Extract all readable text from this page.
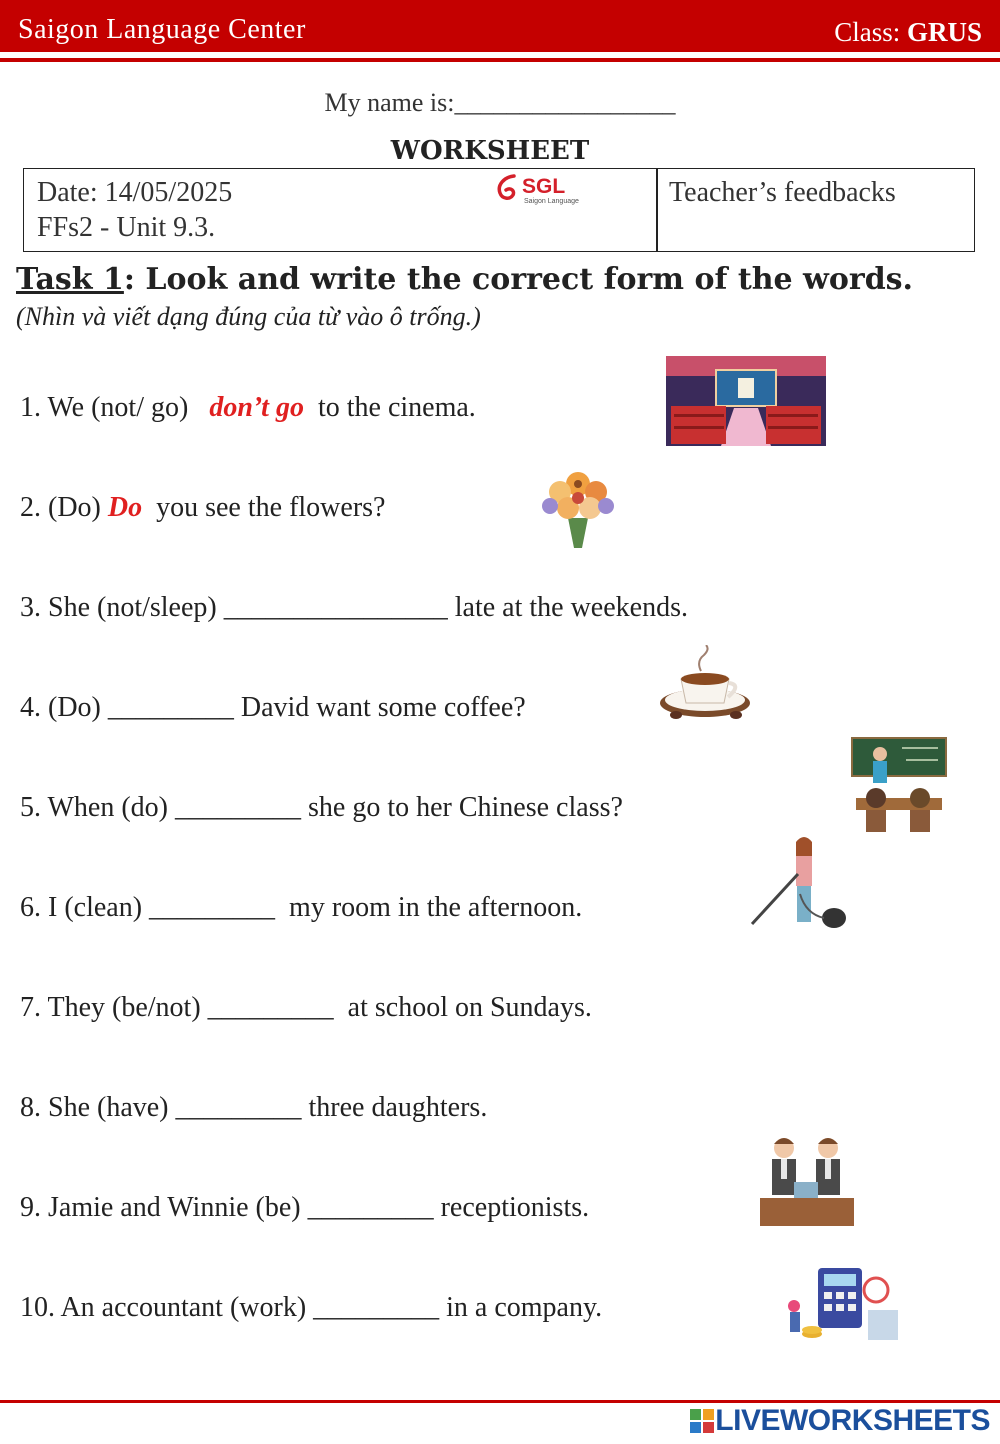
Saigon Language Center	Class: GRUS
My name is:_________________
WORKSHEET
Date: 14/05/2025
FFs2 - Unit 9.3.
SGL
Saigon Language	Teacher’s feedbacks
Task 1: Look and write the correct form of the words.
(Nhìn và viết dạng đúng của từ vào ô trống.)
1. We (not/ go)   don’t go  to the cinema.
2. (Do) Do  you see the flowers?
3. She (not/sleep) ________________ late at the weekends.
4. (Do) _________ David want some coffee?
5. When (do) _________ she go to her Chinese class?
6. I (clean) _________  my room in the afternoon.
7. They (be/not) _________  at school on Sundays.
8. She (have) _________ three daughters.
9. Jamie and Winnie (be) _________ receptionists.
10. An accountant (work) _________ in a company.
LIVEWORKSHEETS
